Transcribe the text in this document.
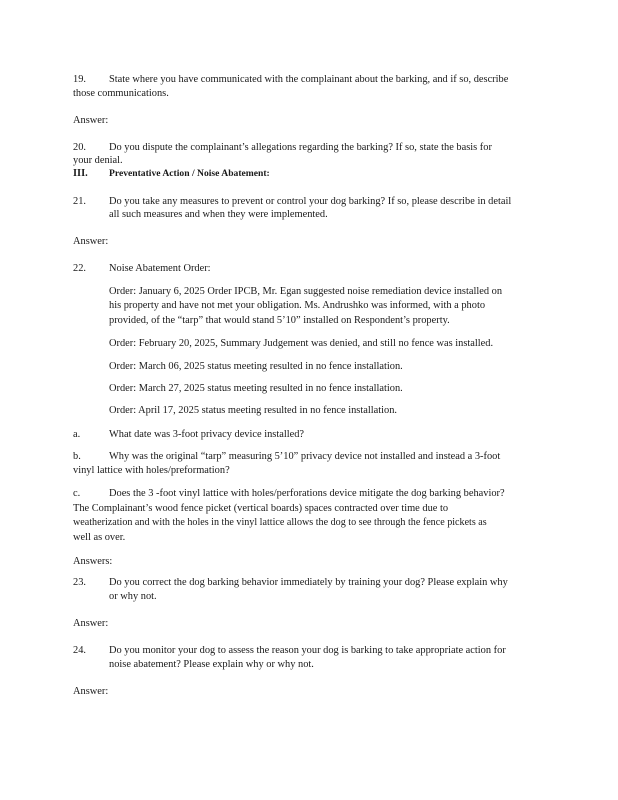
19. State where you have communicated with the complainant about the barking, and if so, describe
those communications.
Answer:
20. Do you dispute the complainant’s allegations regarding the barking? If so, state the basis for
your denial.
III. Preventative Action / Noise Abatement:
21. Do you take any measures to prevent or control your dog barking? If so, please describe in detail
all such measures and when they were implemented.
Answer:
22. Noise Abatement Order:
Order: January 6, 2025 Order IPCB, Mr. Egan suggested noise remediation device installed on
his property and have not met your obligation. Ms. Andrushko was informed, with a photo
provided, of the “tarp” that would stand 5’10” installed on Respondent’s property.
Order: February 20, 2025, Summary Judgement was denied, and still no fence was installed.
Order: March 06, 2025 status meeting resulted in no fence installation.
Order: March 27, 2025 status meeting resulted in no fence installation.
Order: April 17, 2025 status meeting resulted in no fence installation.
a.	What date was 3-foot privacy device installed?
b.	Why was the original “tarp” measuring 5’10” privacy device not installed and instead a 3-foot
vinyl lattice with holes/preformation?
c.	Does the 3 -foot vinyl lattice with holes/perforations device mitigate the dog barking behavior?
The Complainant’s wood fence picket (vertical boards) spaces contracted over time due to
weatherization and with the holes in the vinyl lattice allows the dog to see through the fence pickets as
well as over.
Answers:
23. Do you correct the dog barking behavior immediately by training your dog? Please explain why
or why not.
Answer:
24. Do you monitor your dog to assess the reason your dog is barking to take appropriate action for
noise abatement? Please explain why or why not.
Answer:
